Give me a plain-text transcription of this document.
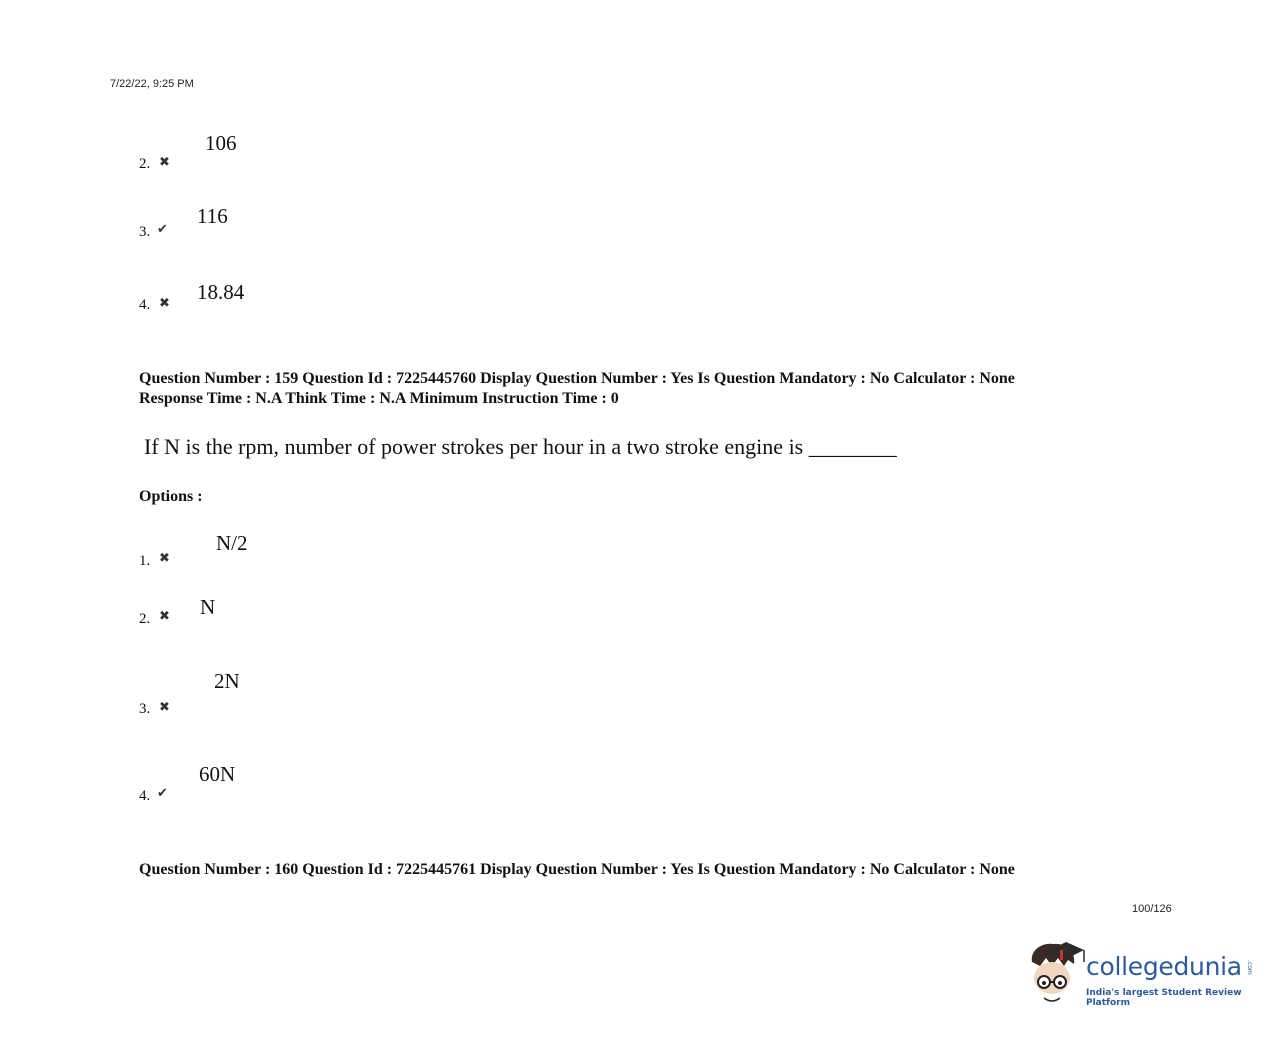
7/22/22, 9:25 PM
2. ✖
106
3. ✔
116
4. ✖ 18.84
Question Number : 159 Question Id : 7225445760 Display Question Number : Yes Is Question Mandatory : No Calculator : None
Response Time : N.A Think Time : N.A Minimum Instruction Time : 0
If N is the rpm, number of power strokes per hour in a two stroke engine is ________
Options :
1. ✖
N/2
2. ✖ N
3. ✖
2N
4. ✔
60N
Question Number : 160 Question Id : 7225445761 Display Question Number : Yes Is Question Mandatory : No Calculator : None
100/126
collegedunia .com
India's largest Student Review Platform
